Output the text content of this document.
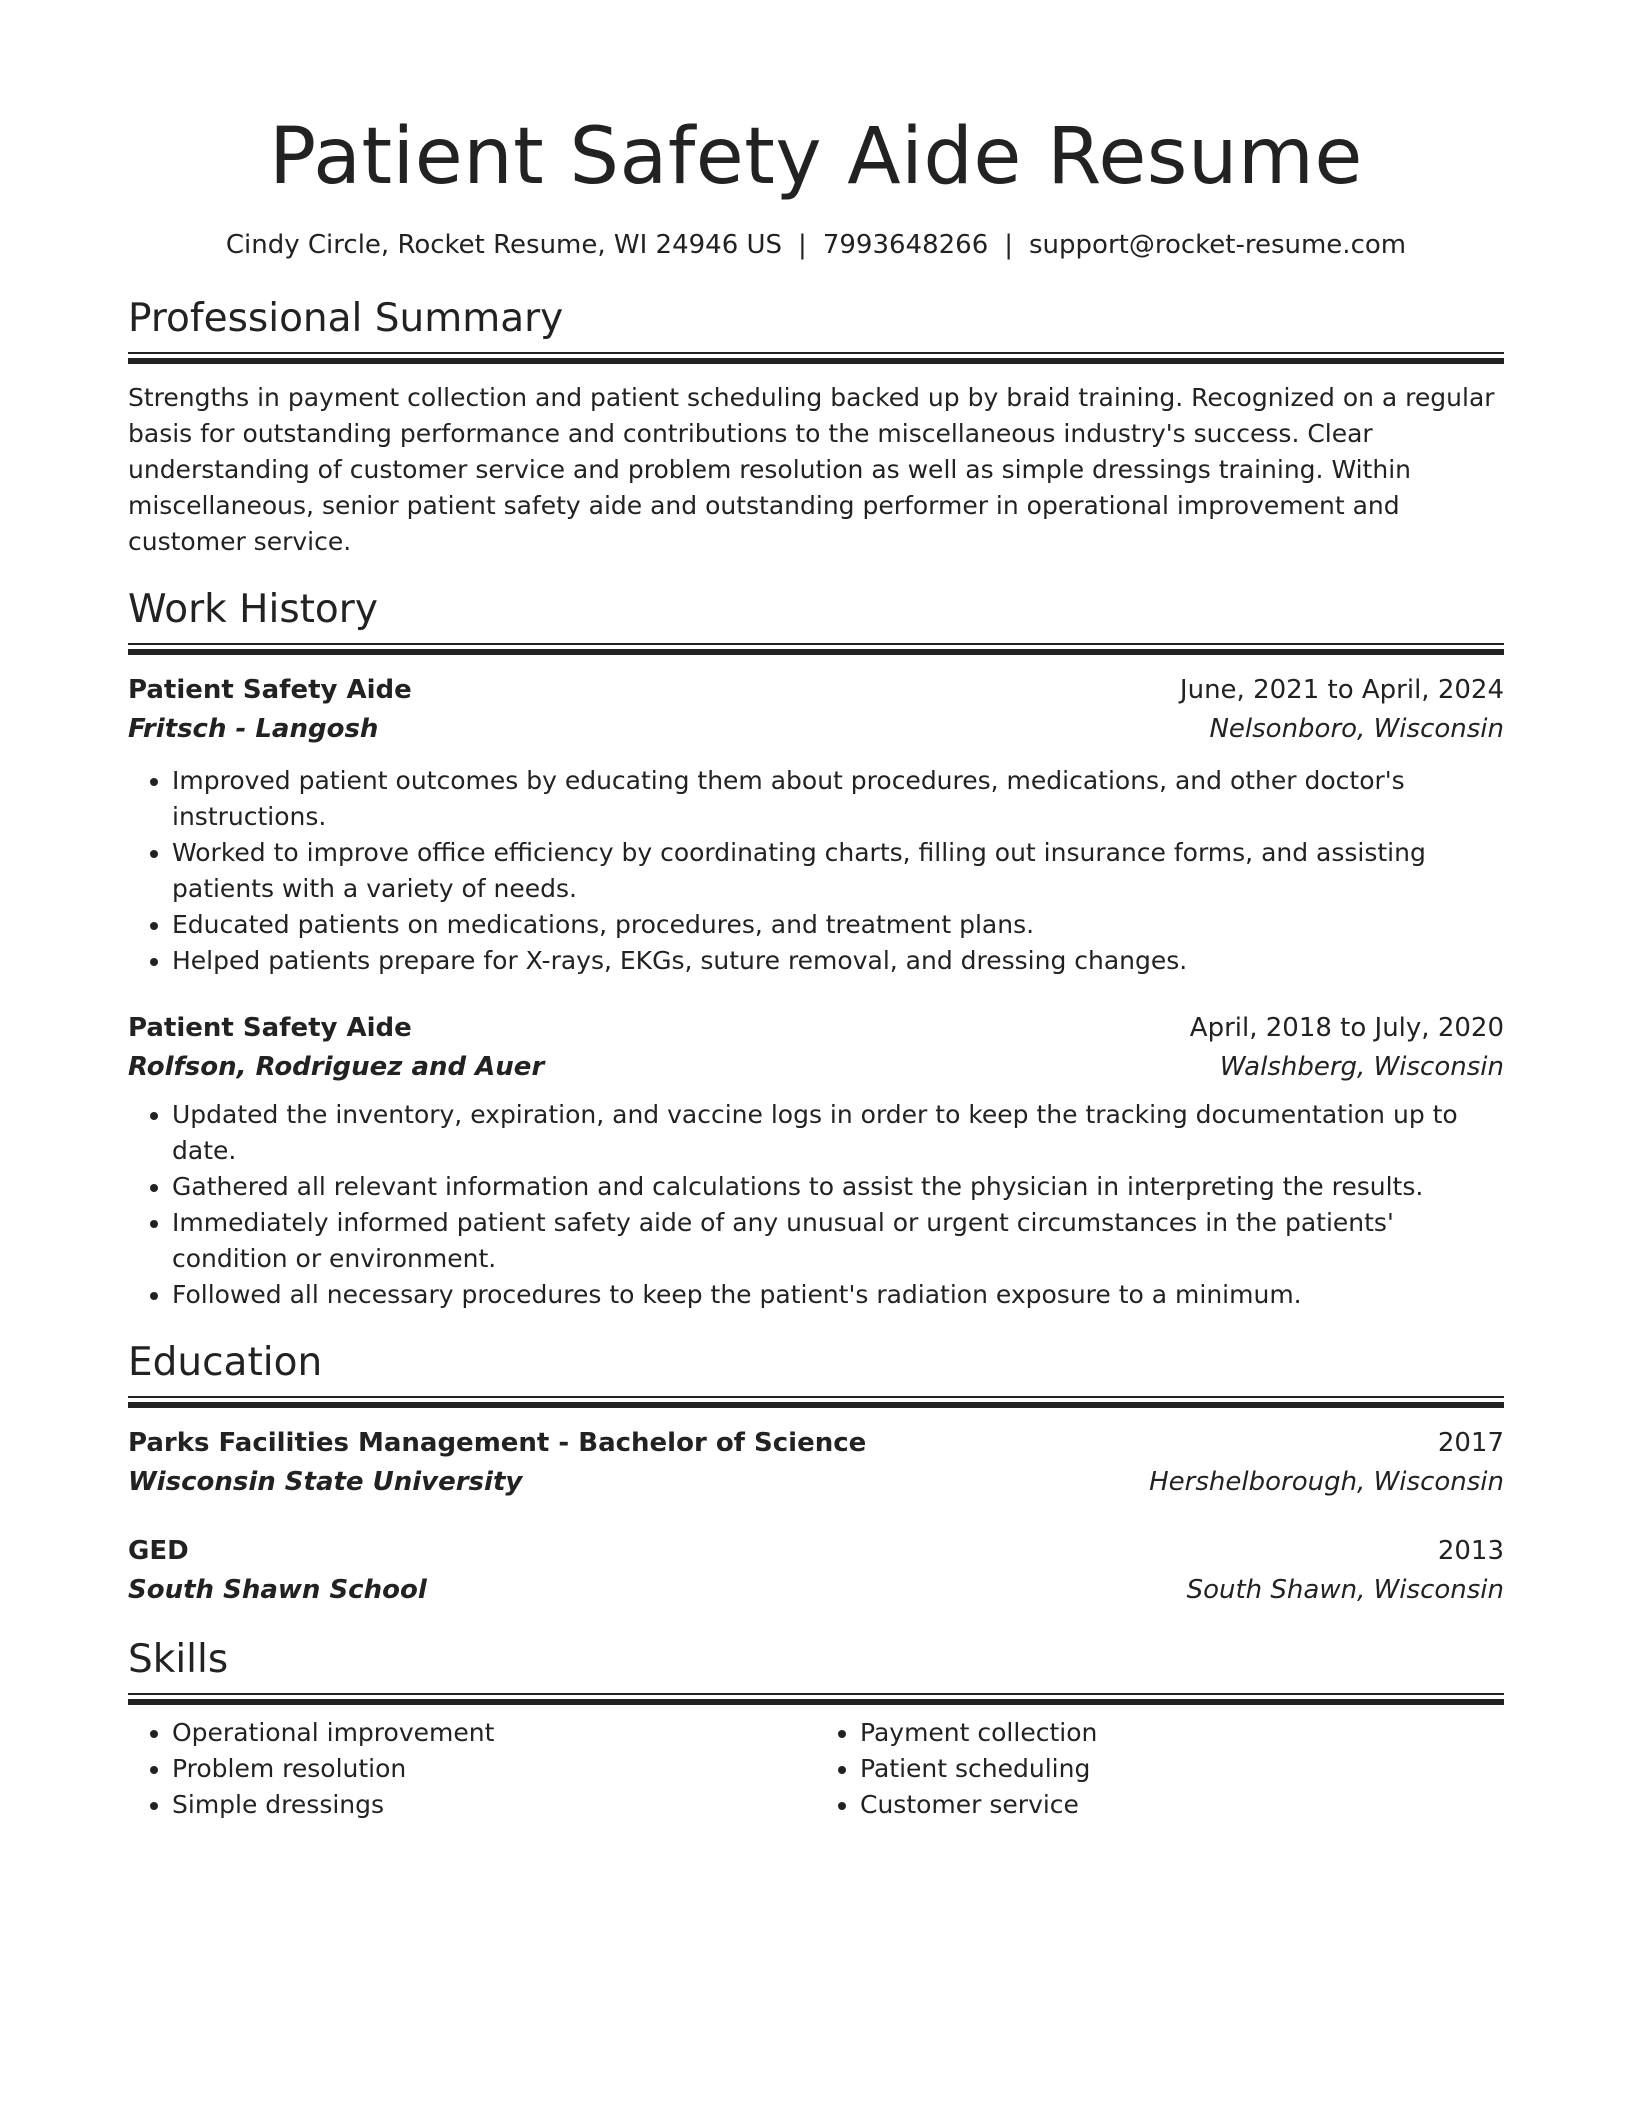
Patient Safety Aide Resume
Cindy Circle, Rocket Resume, WI 24946 US | 7993648266 | support@rocket-resume.com
Professional Summary

Strengths in payment collection and patient scheduling backed up by braid training. Recognized on a regular basis for outstanding performance and contributions to the miscellaneous industry's success. Clear understanding of customer service and problem resolution as well as simple dressings training. Within miscellaneous, senior patient safety aide and outstanding performer in operational improvement and customer service.

Work History
Patient Safety Aide	June, 2021 to April, 2024
Fritsch - Langosh	Nelsonboro, Wisconsin
• Improved patient outcomes by educating them about procedures, medications, and other doctor's instructions.
• Worked to improve office efficiency by coordinating charts, filling out insurance forms, and assisting patients with a variety of needs.
• Educated patients on medications, procedures, and treatment plans.
• Helped patients prepare for X-rays, EKGs, suture removal, and dressing changes.
Patient Safety Aide	April, 2018 to July, 2020
Rolfson, Rodriguez and Auer	Walshberg, Wisconsin
• Updated the inventory, expiration, and vaccine logs in order to keep the tracking documentation up to date.
• Gathered all relevant information and calculations to assist the physician in interpreting the results.
• Immediately informed patient safety aide of any unusual or urgent circumstances in the patients' condition or environment.
• Followed all necessary procedures to keep the patient's radiation exposure to a minimum.
Education
Parks Facilities Management - Bachelor of Science	2017
Wisconsin State University	Hershelborough, Wisconsin
GED	2013
South Shawn School	South Shawn, Wisconsin
Skills
• Operational improvement
• Problem resolution
• Simple dressings
• Payment collection
• Patient scheduling
• Customer service
